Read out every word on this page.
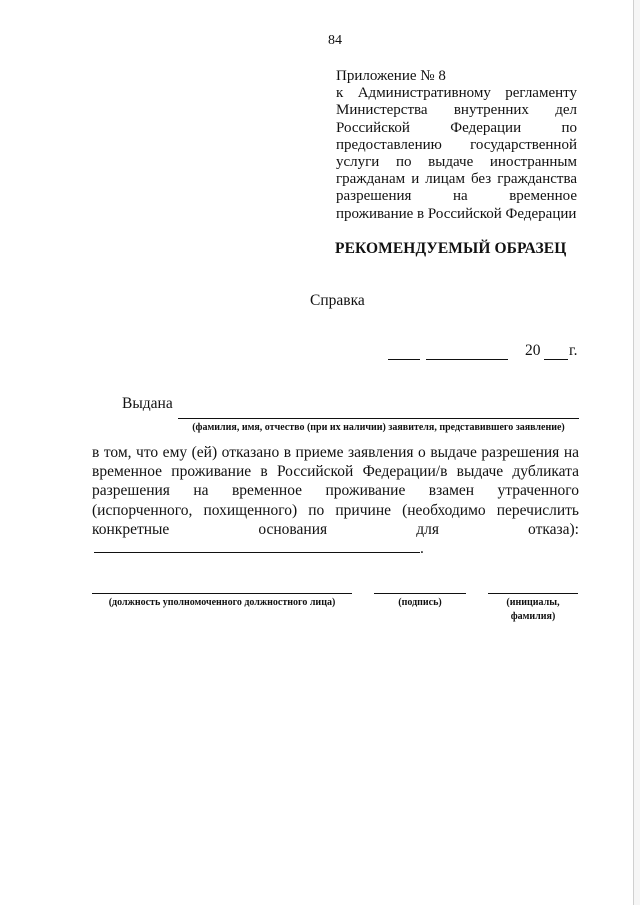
84
Приложение № 8
к Административному регламенту Министерства внутренних дел Российской Федерации по предоставлению государственной услуги по выдаче иностранным гражданам и лицам без гражданства разрешения на временное проживание в Российской Федерации
РЕКОМЕНДУЕМЫЙ ОБРАЗЕЦ
Справка
20 г.
Выдана
(фамилия, имя, отчество (при их наличии) заявителя, представившего заявление)
в том, что ему (ей) отказано в приеме заявления о выдаче разрешения на временное проживание в Российской Федерации/в выдаче дубликата разрешения на временное проживание взамен утраченного (испорченного, похищенного) по причине (необходимо перечислить конкретные основания для отказа): .
(должность уполномоченного должностного лица)	(подпись)	(инициалы, фамилия)
